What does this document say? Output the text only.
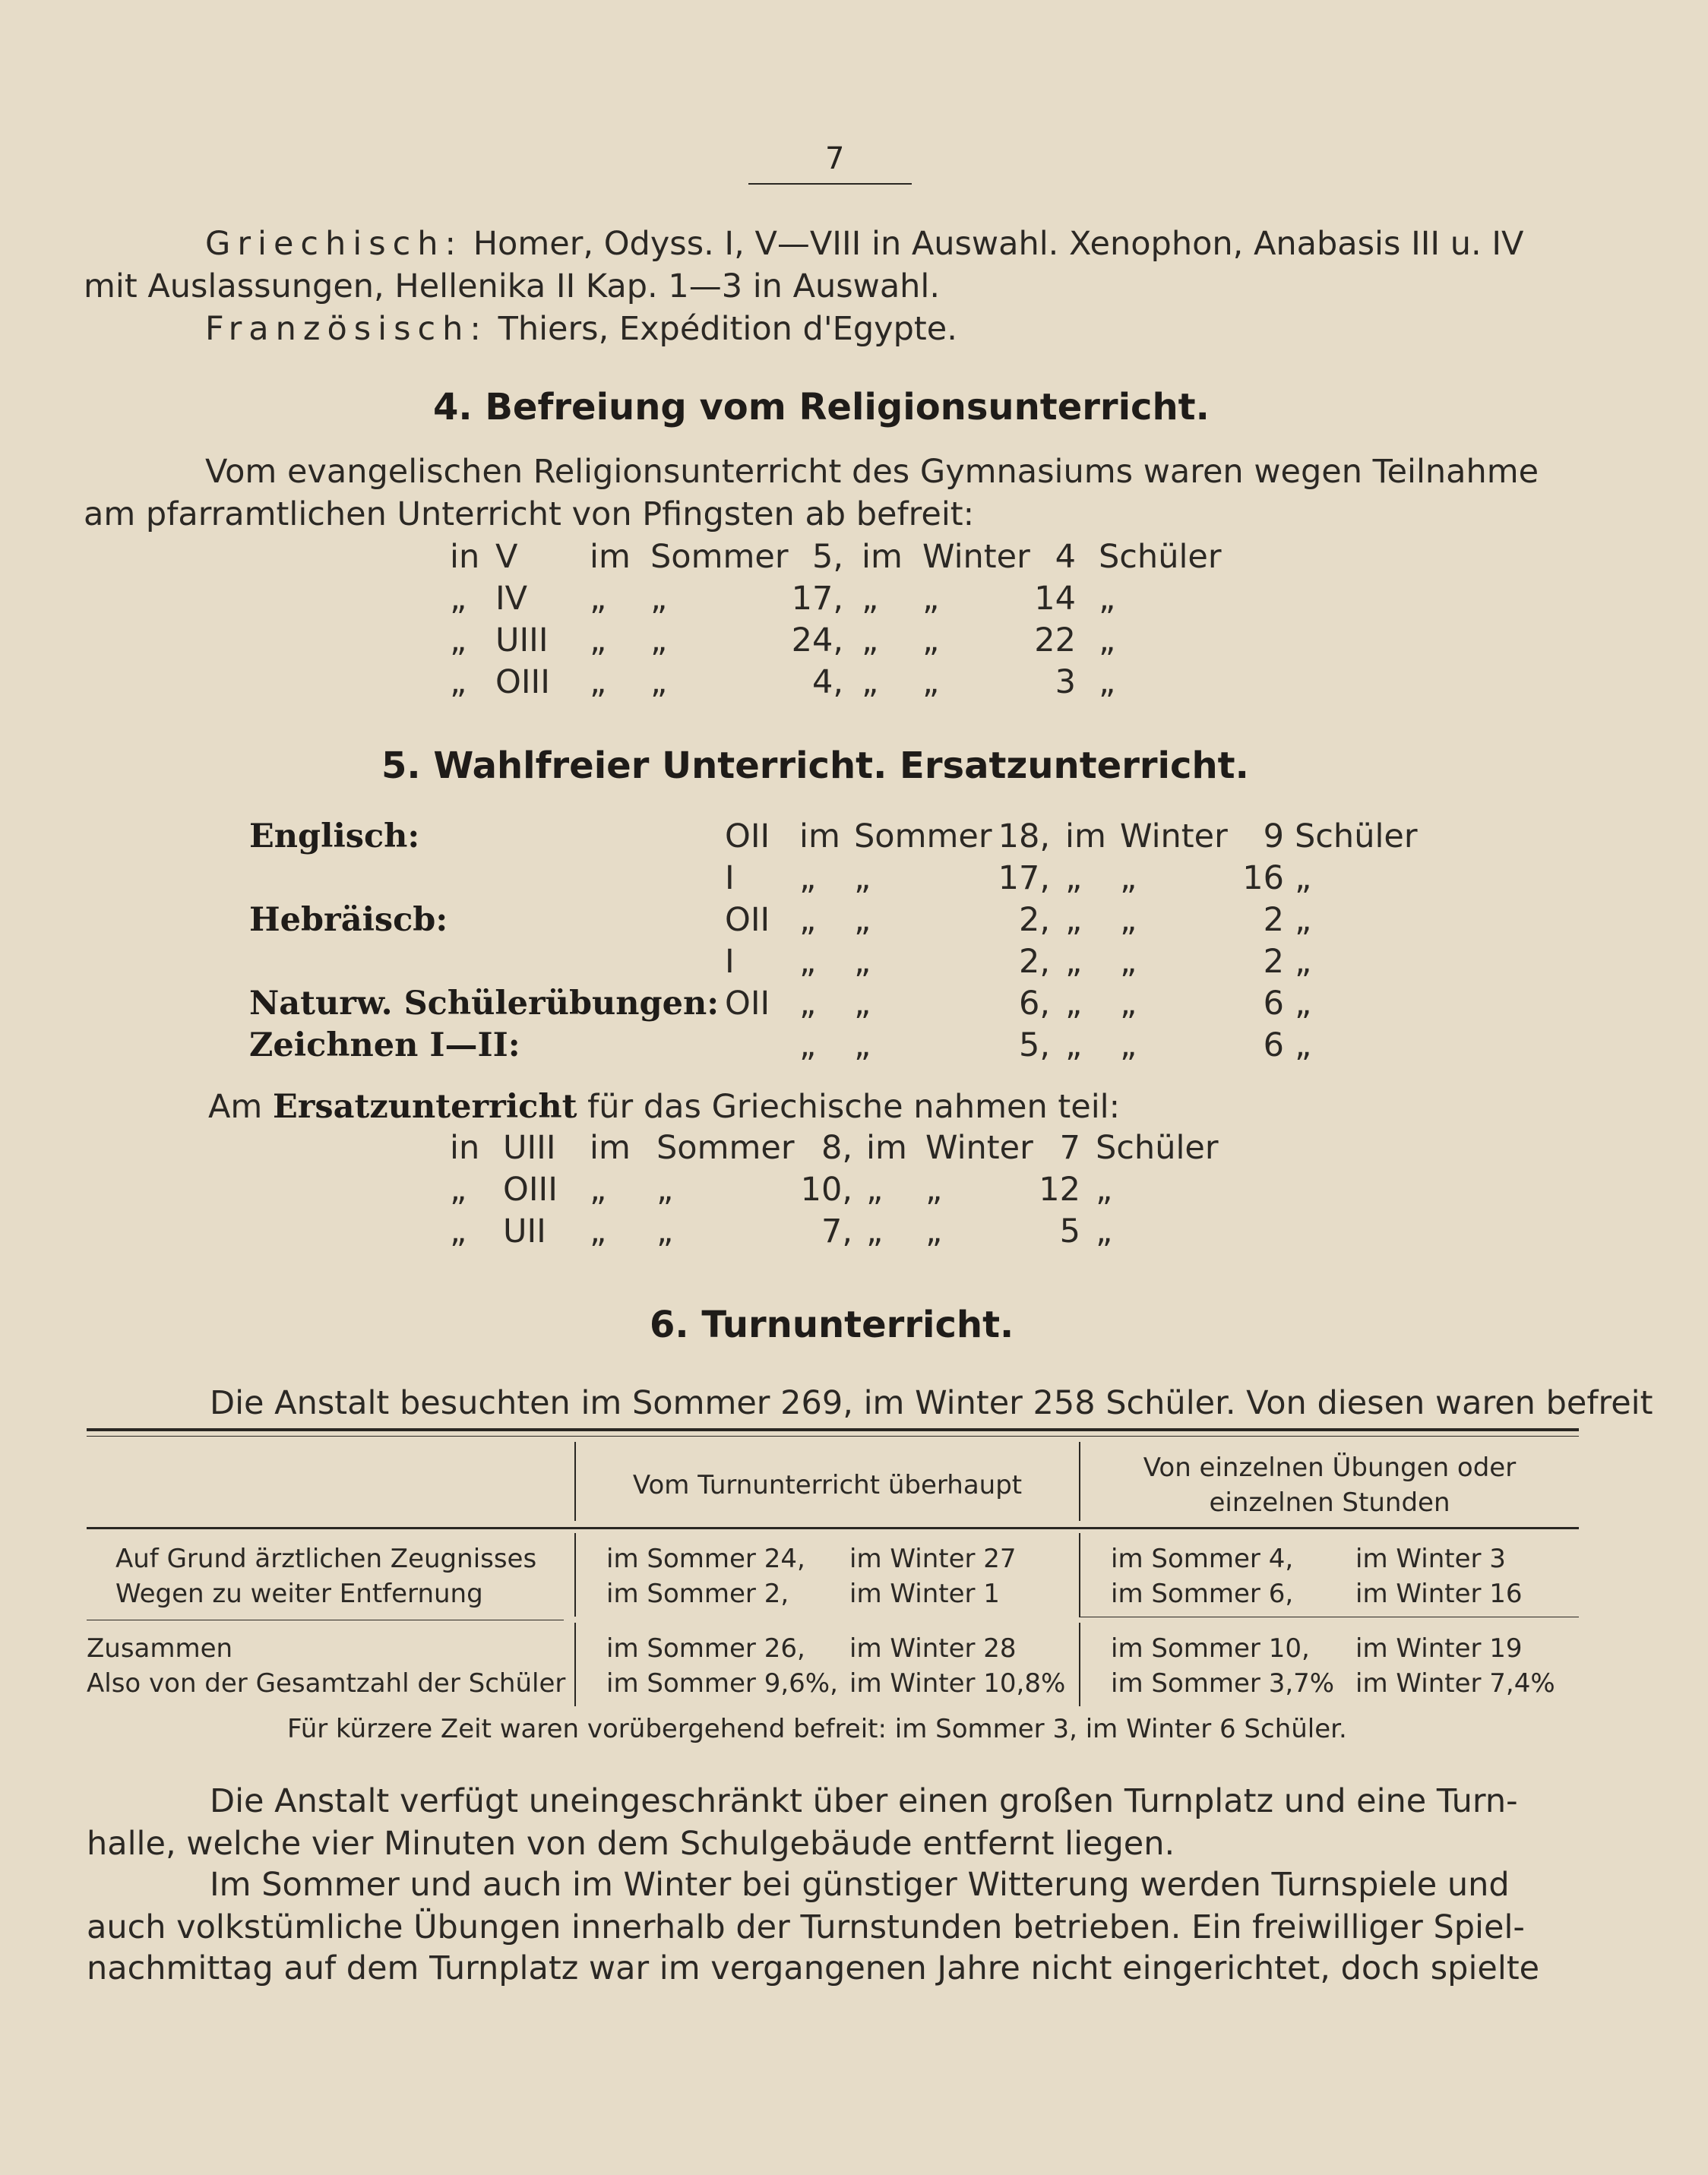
7
Griechisch: Homer, Odyss. I, V—VIII in Auswahl. Xenophon, Anabasis III u. IV
mit Auslassungen, Hellenika II Kap. 1—3 in Auswahl.
Französisch: Thiers, Expédition d'Egypte.
4. Befreiung vom Religionsunterricht.
Vom evangelischen Religionsunterricht des Gymnasiums waren wegen Teilnahme
am pfarramtlichen Unterricht von Pfingsten ab befreit:
in V im Sommer 5, im Winter 4 Schüler
„ IV „ „	17, „ „	14 „
„ UIII „ „	24, „ „	22 „
„ OIII „ „	4, „ „	3 „
5. Wahlfreier Unterricht. Ersatzunterricht.
Englisch:	OII im Sommer 18, im Winter	9 Schüler
I „ „	17, „ „	16 „
Hebräiscb:	OII „ „	2, „ „	2 „
I „ „	2, „ „	2 „
Naturw. Schülerübungen: OII „ „	6, „ „	6 „
Zeichnen I—II:	„ „	5, „ „	6 „
Am Ersatzunterricht für das Griechische nahmen teil:
in UIII im Sommer 8, im Winter 7 Schüler
„ OIII „ „	10, „ „	12 „
„ UII „ „	7, „ „	5 „
6. Turnunterricht.
Die Anstalt besuchten im Sommer 269, im Winter 258 Schüler. Von diesen waren befreit
Vom Turnunterricht überhaupt
Von einzelnen Übungen oder
einzelnen Stunden
Auf Grund ärztlichen Zeugnisses	im Sommer 24, im Winter 27	im Sommer 4, im Winter 3
Wegen zu weiter Entfernung	im Sommer 2, im Winter 1	im Sommer 6, im Winter 16
Zusammen	im Sommer 26, im Winter 28	im Sommer 10, im Winter 19
Also von der Gesamtzahl der Schüler im Sommer 9,6%, im Winter 10,8% im Sommer 3,7% im Winter 7,4%
Für kürzere Zeit waren vorübergehend befreit: im Sommer 3, im Winter 6 Schüler.
Die Anstalt verfügt uneingeschränkt über einen großen Turnplatz und eine Turn-
halle, welche vier Minuten von dem Schulgebäude entfernt liegen.
Im Sommer und auch im Winter bei günstiger Witterung werden Turnspiele und
auch volkstümliche Übungen innerhalb der Turnstunden betrieben. Ein freiwilliger Spiel-
nachmittag auf dem Turnplatz war im vergangenen Jahre nicht eingerichtet, doch spielte
